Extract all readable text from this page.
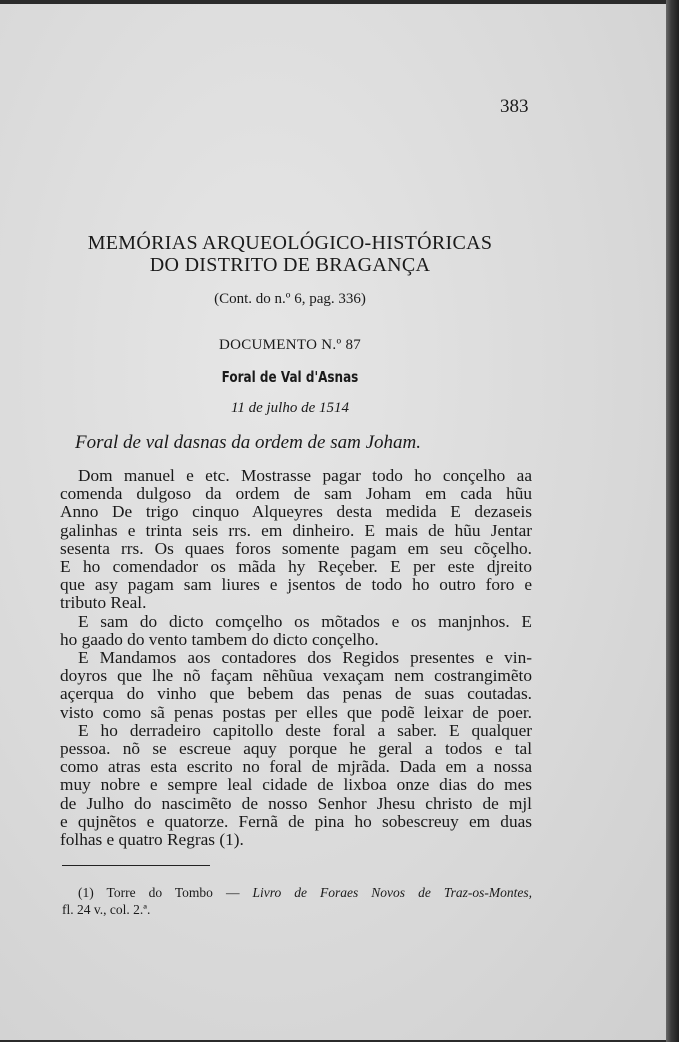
383
MEMÓRIAS ARQUEOLÓGICO-HISTÓRICAS
DO DISTRITO DE BRAGANÇA
(Cont. do n.º 6, pag. 336)
DOCUMENTO N.º 87
Foral de Val d'Asnas
11 de julho de 1514
Foral de val dasnas da ordem de sam Joham.
Dom manuel e etc. Mostrasse pagar todo ho conçelho aa
comenda dulgoso da ordem de sam Joham em cada hũu
Anno De trigo cinquo Alqueyres desta medida E dezaseis
galinhas e trinta seis rrs. em dinheiro. E mais de hũu Jentar
sesenta rrs. Os quaes foros somente pagam em seu cõçelho.
E ho comendador os mãda hy Reçeber. E per este djreito
que asy pagam sam liures e jsentos de todo ho outro foro e
tributo Real.
E sam do dicto comçelho os mõtados e os manjnhos. E
ho gaado do vento tambem do dicto conçelho.
E Mandamos aos contadores dos Regidos presentes e vin-
doyros que lhe nõ façam nẽhũua vexaçam nem costrangimẽto
açerqua do vinho que bebem das penas de suas coutadas.
visto como sã penas postas per elles que podẽ leixar de poer.
E ho derradeiro capitollo deste foral a saber. E qualquer
pessoa. nõ se escreue aquy porque he geral a todos e tal
como atras esta escrito no foral de mjrãda. Dada em a nossa
muy nobre e sempre leal cidade de lixboa onze dias do mes
de Julho do nascimẽto de nosso Senhor Jhesu christo de mjl
e qujnẽtos e quatorze. Fernã de pina ho sobescreuy em duas
folhas e quatro Regras (1).
(1) Torre do Tombo — Livro de Foraes Novos de Traz-os-Montes,
fl. 24 v., col. 2.ª.
